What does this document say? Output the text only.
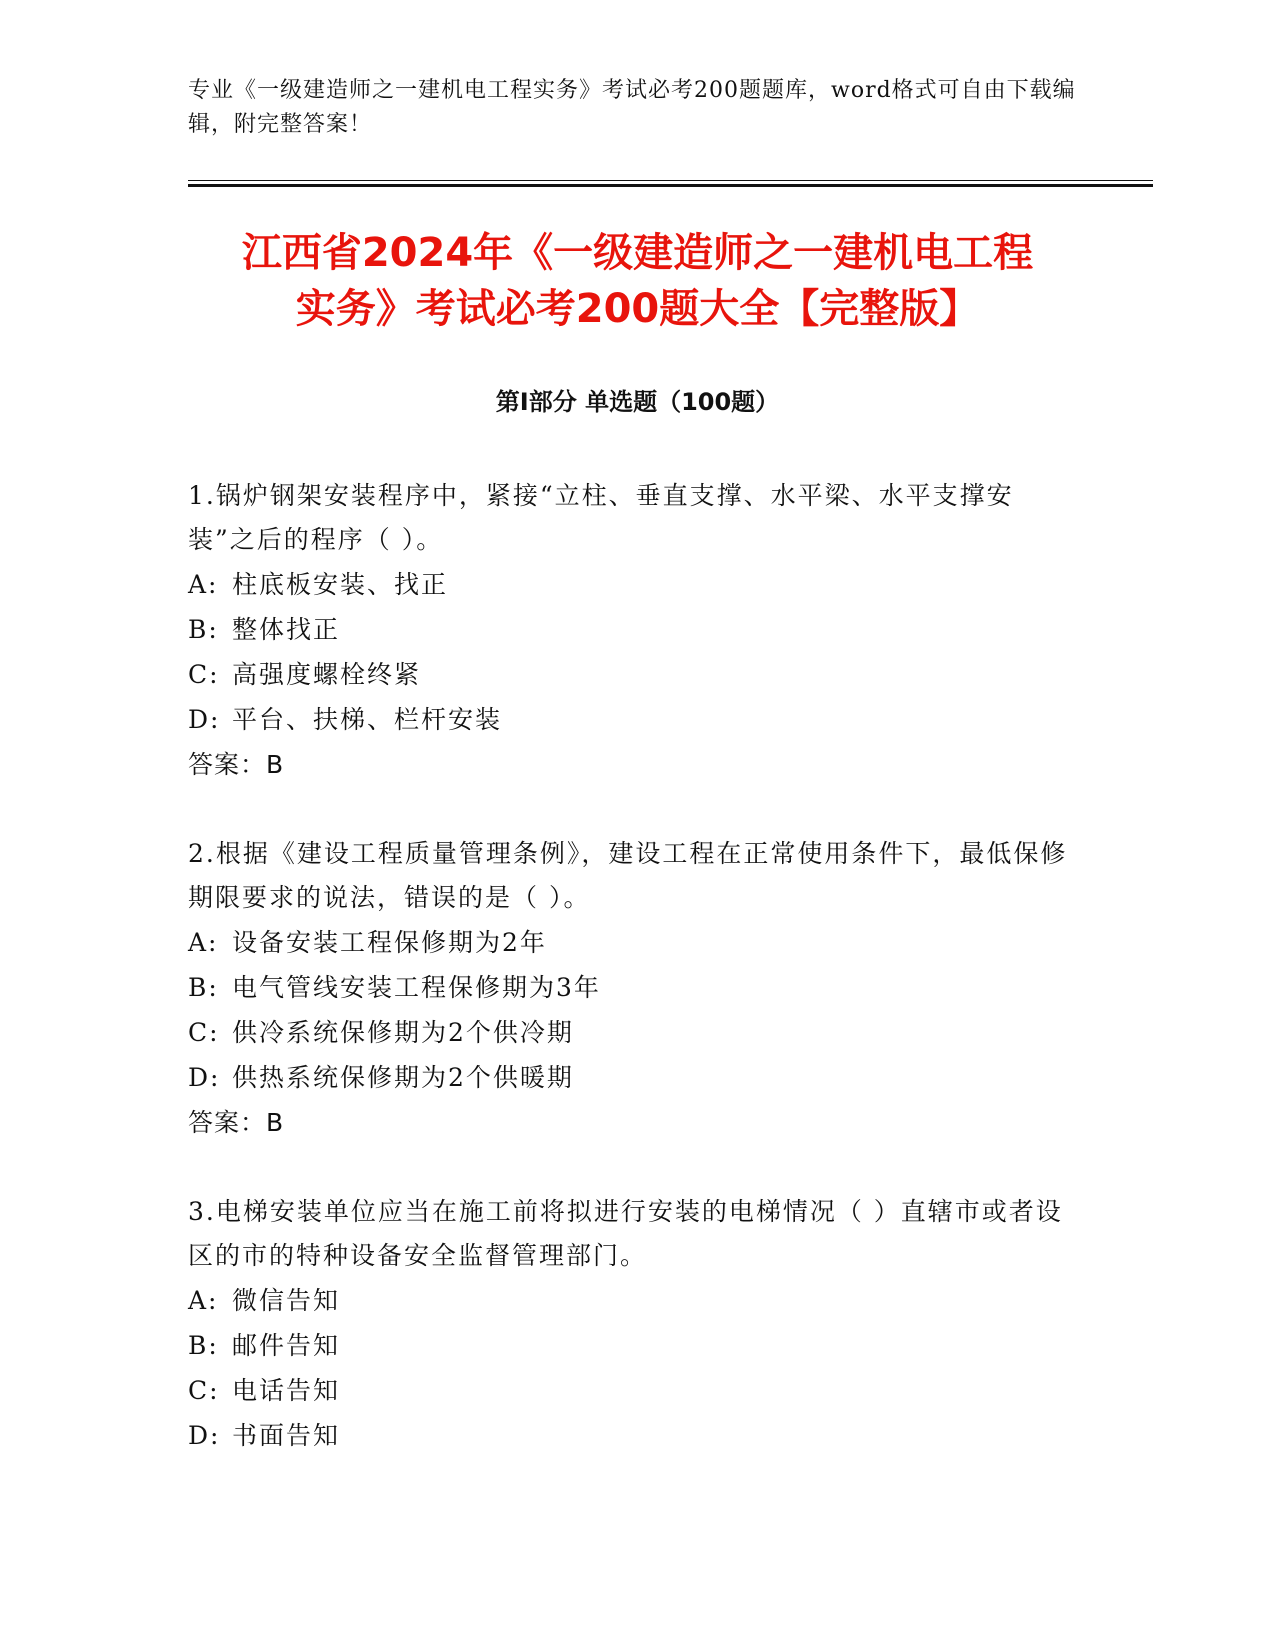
专业《一级建造师之一建机电工程实务》考试必考200题题库，word格式可自由下载编辑，附完整答案！
江西省2024年《一级建造师之一建机电工程
实务》考试必考200题大全【完整版】
第Ⅰ部分 单选题（100题）
1.锅炉钢架安装程序中，紧接“立柱、垂直支撑、水平梁、水平支撑安装”之后的程序（ ）。
A: 柱底板安装、找正
B: 整体找正
C: 高强度螺栓终紧
D: 平台、扶梯、栏杆安装
答案：B
2.根据《建设工程质量管理条例》，建设工程在正常使用条件下，最低保修期限要求的说法，错误的是（ ）。
A: 设备安装工程保修期为2年
B: 电气管线安装工程保修期为3年
C: 供冷系统保修期为2个供冷期
D: 供热系统保修期为2个供暖期
答案：B
3.电梯安装单位应当在施工前将拟进行安装的电梯情况（ ）直辖市或者设区的市的特种设备安全监督管理部门。
A: 微信告知
B: 邮件告知
C: 电话告知
D: 书面告知
